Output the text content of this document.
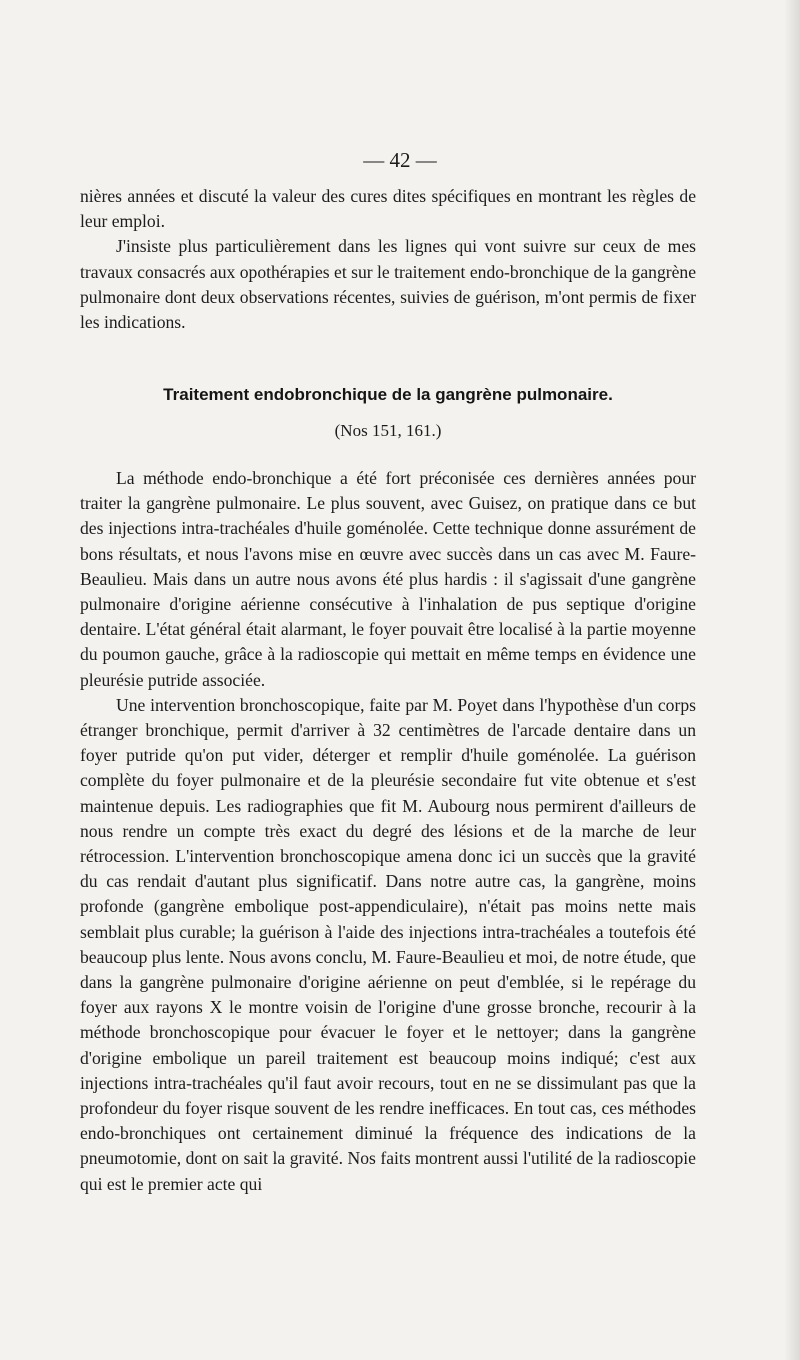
— 42 —

nières années et discuté la valeur des cures dites spécifiques en montrant les règles de leur emploi.

J'insiste plus particulièrement dans les lignes qui vont suivre sur ceux de mes travaux consacrés aux opothérapies et sur le traitement endo-bronchique de la gangrène pulmonaire dont deux observations récentes, suivies de guérison, m'ont permis de fixer les indications.

Traitement endobronchique de la gangrène pulmonaire.
(Nos 151, 161.)

La méthode endo-bronchique a été fort préconisée ces dernières années pour traiter la gangrène pulmonaire. Le plus souvent, avec Guisez, on pratique dans ce but des injections intra-trachéales d'huile goménolée. Cette technique donne assurément de bons résultats, et nous l'avons mise en œuvre avec succès dans un cas avec M. Faure-Beaulieu. Mais dans un autre nous avons été plus hardis : il s'agissait d'une gangrène pulmonaire d'origine aérienne consécutive à l'inhalation de pus septique d'origine dentaire. L'état général était alarmant, le foyer pouvait être localisé à la partie moyenne du poumon gauche, grâce à la radioscopie qui mettait en même temps en évidence une pleurésie putride associée.

Une intervention bronchoscopique, faite par M. Poyet dans l'hypothèse d'un corps étranger bronchique, permit d'arriver à 32 centimètres de l'arcade dentaire dans un foyer putride qu'on put vider, déterger et remplir d'huile goménolée. La guérison complète du foyer pulmonaire et de la pleurésie secondaire fut vite obtenue et s'est maintenue depuis. Les radiographies que fit M. Aubourg nous permirent d'ailleurs de nous rendre un compte très exact du degré des lésions et de la marche de leur rétrocession. L'intervention bronchoscopique amena donc ici un succès que la gravité du cas rendait d'autant plus significatif. Dans notre autre cas, la gangrène, moins profonde (gangrène embolique post-appendiculaire), n'était pas moins nette mais semblait plus curable; la guérison à l'aide des injections intra-trachéales a toutefois été beaucoup plus lente. Nous avons conclu, M. Faure-Beaulieu et moi, de notre étude, que dans la gangrène pulmonaire d'origine aérienne on peut d'emblée, si le repérage du foyer aux rayons X le montre voisin de l'origine d'une grosse bronche, recourir à la méthode bronchoscopique pour évacuer le foyer et le nettoyer; dans la gangrène d'origine embolique un pareil traitement est beaucoup moins indiqué; c'est aux injections intra-trachéales qu'il faut avoir recours, tout en ne se dissimulant pas que la profondeur du foyer risque souvent de les rendre inefficaces. En tout cas, ces méthodes endo-bronchiques ont certainement diminué la fréquence des indications de la pneumotomie, dont on sait la gravité. Nos faits montrent aussi l'utilité de la radioscopie qui est le premier acte qui
